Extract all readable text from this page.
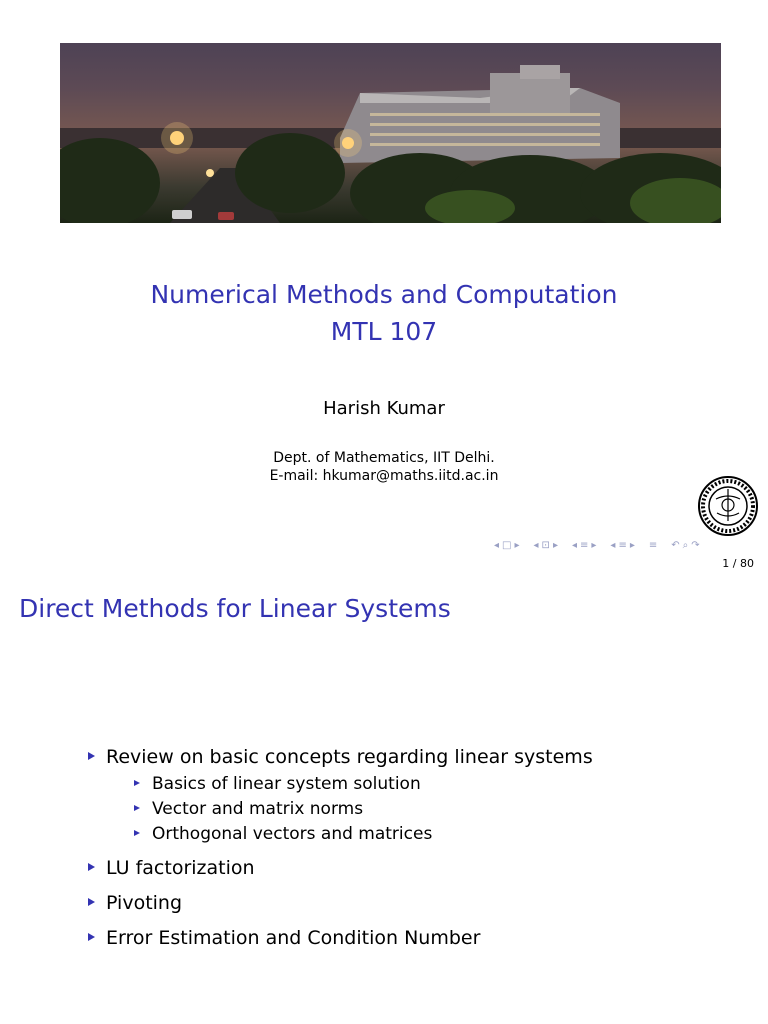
Numerical Methods and Computation
MTL 107
Harish Kumar
Dept. of Mathematics, IIT Delhi.
E-mail: hkumar@maths.iitd.ac.in
◂ □ ▸ ◂ ⊡ ▸ ◂ ≡ ▸ ◂ ≡ ▸ ≡ ↶ ⌕ ↷
1 / 80
Direct Methods for Linear Systems
Review on basic concepts regarding linear systems
Basics of linear system solution
Vector and matrix norms
Orthogonal vectors and matrices
LU factorization
Pivoting
Error Estimation and Condition Number
